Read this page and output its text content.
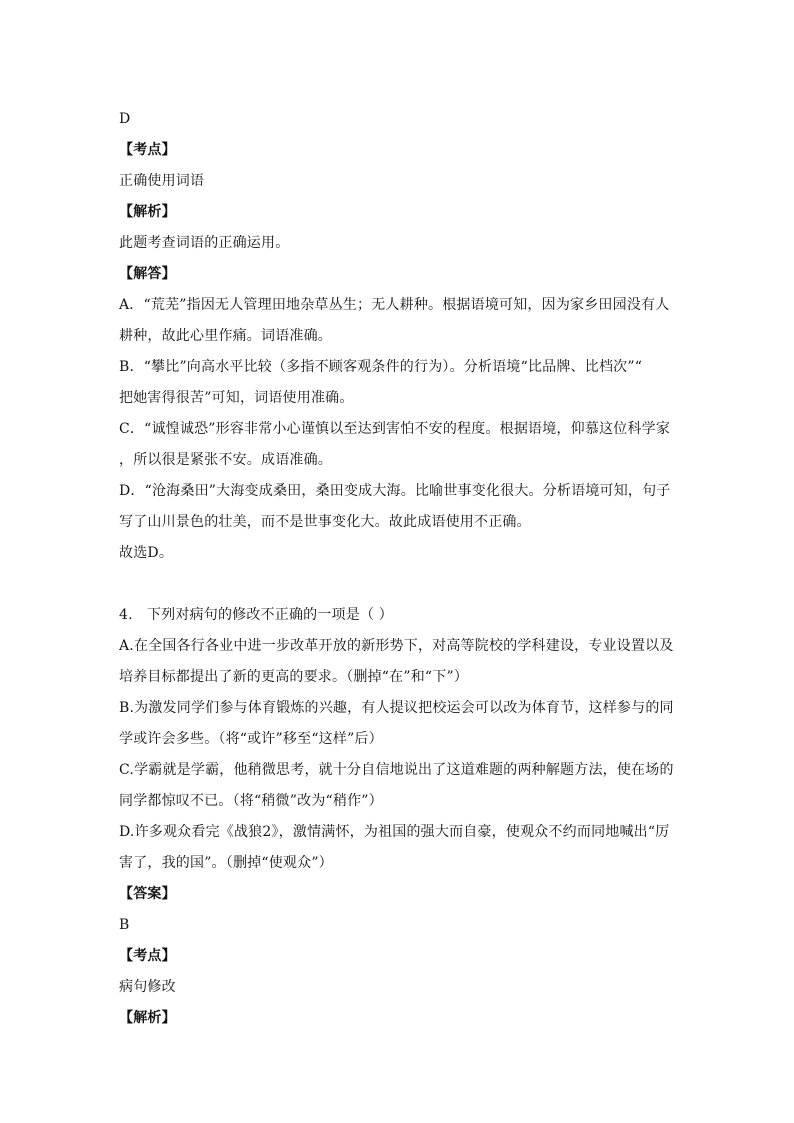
D
【考点】
正确使用词语
【解析】
此题考查词语的正确运用。
【解答】
A．“荒芜”指因无人管理田地杂草丛生；无人耕种。根据语境可知，因为家乡田园没有人
耕种，故此心里作痛。词语准确。
B．“攀比”向高水平比较（多指不顾客观条件的行为）。分析语境“比品牌、比档次”“
把她害得很苦”可知，词语使用准确。
C．“诚惶诚恐”形容非常小心谨慎以至达到害怕不安的程度。根据语境，仰慕这位科学家
，所以很是紧张不安。成语准确。
D．“沧海桑田”大海变成桑田，桑田变成大海。比喻世事变化很大。分析语境可知，句子
写了山川景色的壮美，而不是世事变化大。故此成语使用不正确。
故选D。
4.　下列对病句的修改不正确的一项是（ ）
A.在全国各行各业中进一步改革开放的新形势下，对高等院校的学科建设，专业设置以及
培养目标都提出了新的更高的要求。（删掉“在”和“下”）
B.为激发同学们参与体育锻炼的兴趣，有人提议把校运会可以改为体育节，这样参与的同
学或许会多些。（将“或许”移至“这样”后）
C.学霸就是学霸，他稍微思考，就十分自信地说出了这道难题的两种解题方法，使在场的
同学都惊叹不已。（将“稍微”改为“稍作”）
D.许多观众看完《战狼2》，激情满怀，为祖国的强大而自豪，使观众不约而同地喊出“厉
害了，我的国”。（删掉“使观众”）
【答案】
B
【考点】
病句修改
【解析】
